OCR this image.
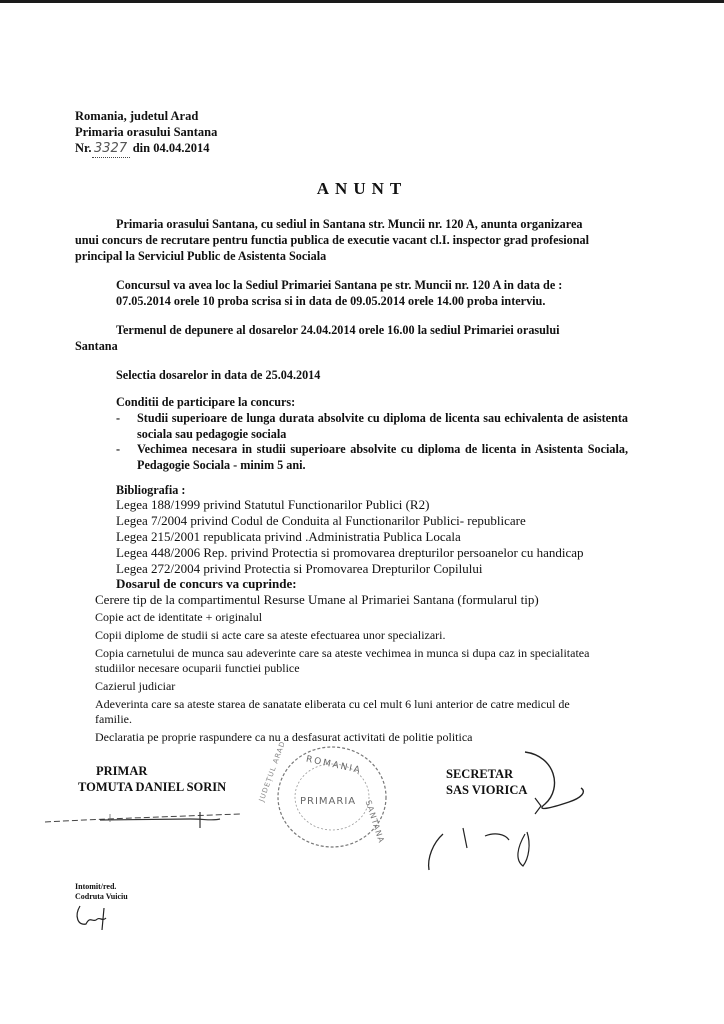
Romania, judetul Arad

Primaria orasului Santana

Nr. 3327 din 04.04.2014

ANUNT

Primaria orasului Santana, cu sediul in Santana str. Muncii nr. 120 A, anunta organizarea

unui concurs de recrutare pentru functia publica de executie vacant cl.I. inspector grad profesional

principal la Serviciul Public de Asistenta Sociala

Concursul va avea loc la Sediul Primariei Santana pe str. Muncii nr. 120 A in data de :

07.05.2014 orele 10 proba scrisa si in data de 09.05.2014 orele 14.00 proba interviu.

Termenul de depunere al dosarelor 24.04.2014 orele 16.00 la sediul Primariei orasului

Santana

Selectia dosarelor in data de 25.04.2014

Conditii de participare la concurs:

- Studii superioare de lunga durata absolvite cu diploma de licenta sau echivalenta de asistenta sociala sau pedagogie sociala
- Vechimea necesara in studii superioare absolvite cu diploma de licenta in Asistenta Sociala, Pedagogie Sociala - minim 5 ani.

Bibliografia :

Legea 188/1999 privind Statutul Functionarilor Publici (R2)

Legea 7/2004 privind Codul de Conduita al Functionarilor Publici- republicare

Legea 215/2001 republicata privind .Administratia Publica Locala

Legea 448/2006 Rep. privind Protectia si promovarea drepturilor persoanelor cu handicap

Legea 272/2004 privind Protectia si Promovarea Drepturilor Copilului

Dosarul de concurs va cuprinde:

Cerere tip de la compartimentul Resurse Umane al Primariei Santana (formularul tip)

Copie act de identitate + originalul

Copii diplome de studii si acte care sa ateste efectuarea unor specializari.

Copia carnetului de munca sau adeverinte care sa ateste vechimea in munca si dupa caz in specialitatea

studiilor necesare ocuparii functiei publice

Cazierul judiciar

Adeverinta care sa ateste starea de sanatate eliberata cu cel mult 6 luni anterior de catre medicul de

familie.

Declaratia pe proprie raspundere ca nu a desfasurat activitati de politie politica

PRIMAR

TOMUTA DANIEL SORIN

ROMANIA
PRIMARIA SANTANA
JUDEȚUL ARAD	SECRETAR

SAS VIORICA

Intomit/red.

Codruta Vuiciu
